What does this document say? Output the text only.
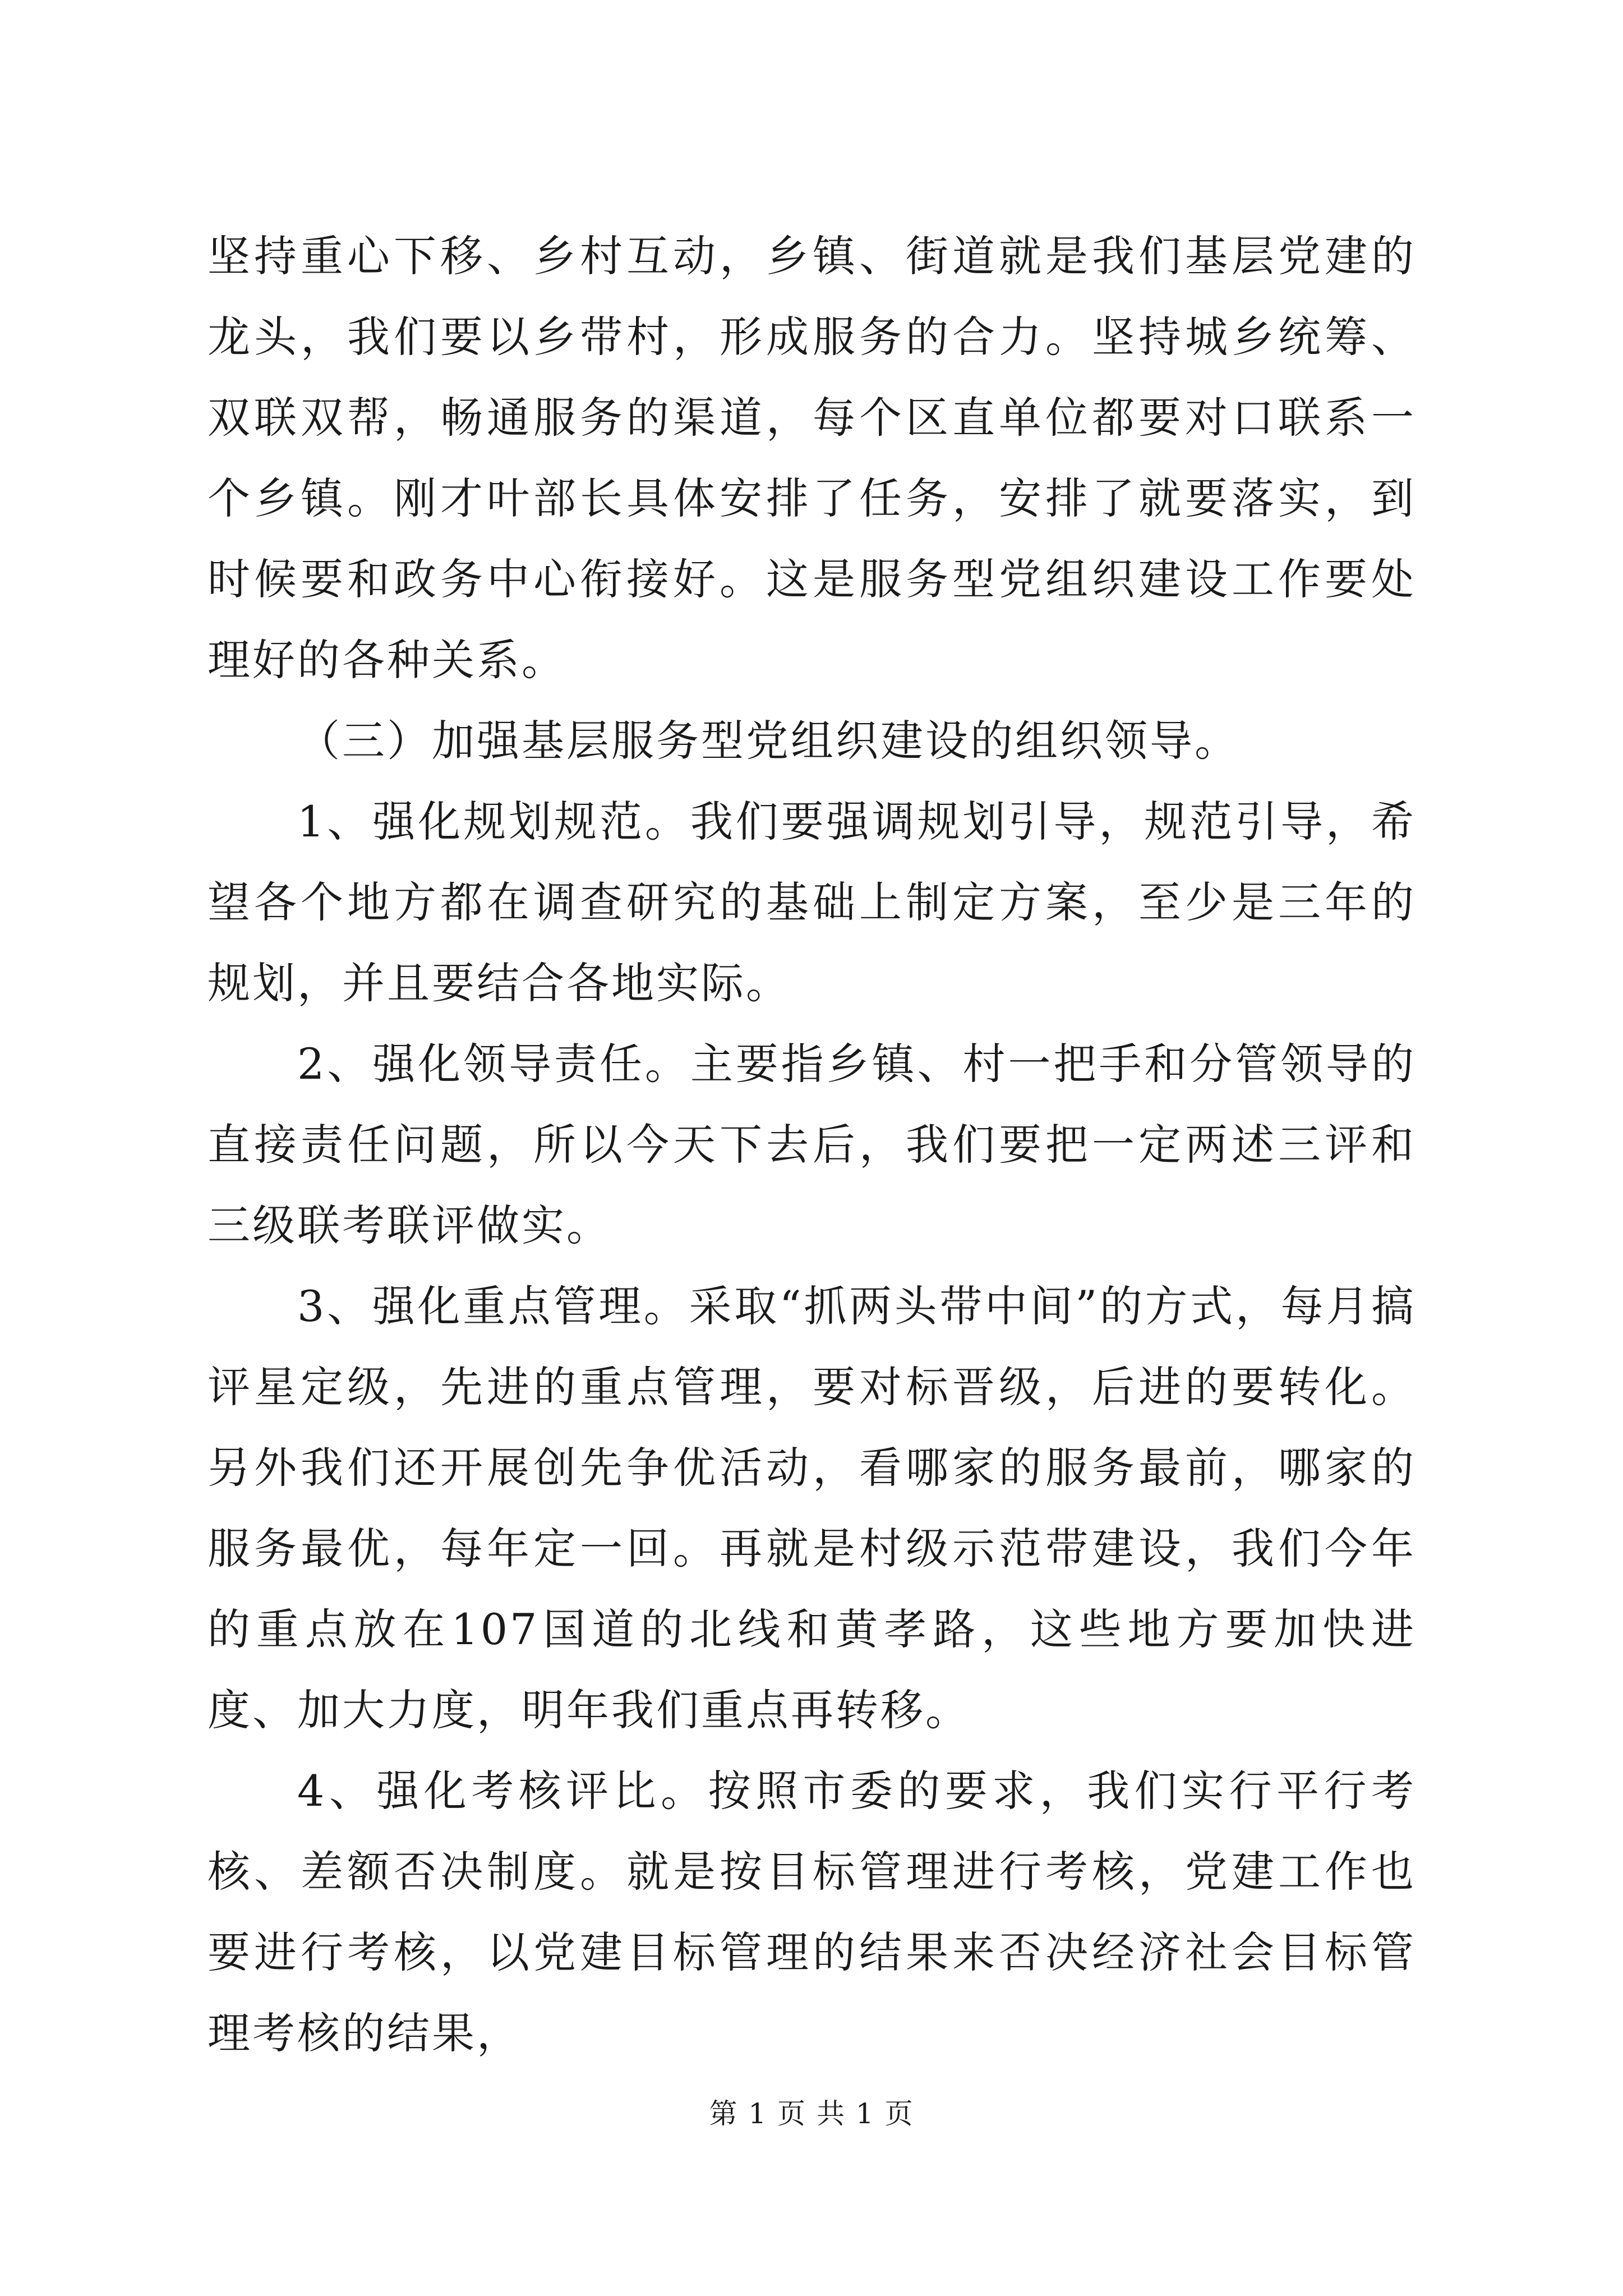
坚持重心下移、乡村互动，乡镇、街道就是我们基层党建的龙头，我们要以乡带村，形成服务的合力。坚持城乡统筹、双联双帮，畅通服务的渠道，每个区直单位都要对口联系一个乡镇。刚才叶部长具体安排了任务，安排了就要落实，到时候要和政务中心衔接好。这是服务型党组织建设工作要处理好的各种关系。

（三）加强基层服务型党组织建设的组织领导。

1、强化规划规范。我们要强调规划引导，规范引导，希望各个地方都在调查研究的基础上制定方案，至少是三年的规划，并且要结合各地实际。

2、强化领导责任。主要指乡镇、村一把手和分管领导的直接责任问题，所以今天下去后，我们要把一定两述三评和三级联考联评做实。

3、强化重点管理。采取“抓两头带中间”的方式，每月搞评星定级，先进的重点管理，要对标晋级，后进的要转化。另外我们还开展创先争优活动，看哪家的服务最前，哪家的服务最优，每年定一回。再就是村级示范带建设，我们今年的重点放在107国道的北线和黄孝路，这些地方要加快进度、加大力度，明年我们重点再转移。

4、强化考核评比。按照市委的要求，我们实行平行考核、差额否决制度。就是按目标管理进行考核，党建工作也要进行考核，以党建目标管理的结果来否决经济社会目标管理考核的结果，

第 1 页 共 1 页
